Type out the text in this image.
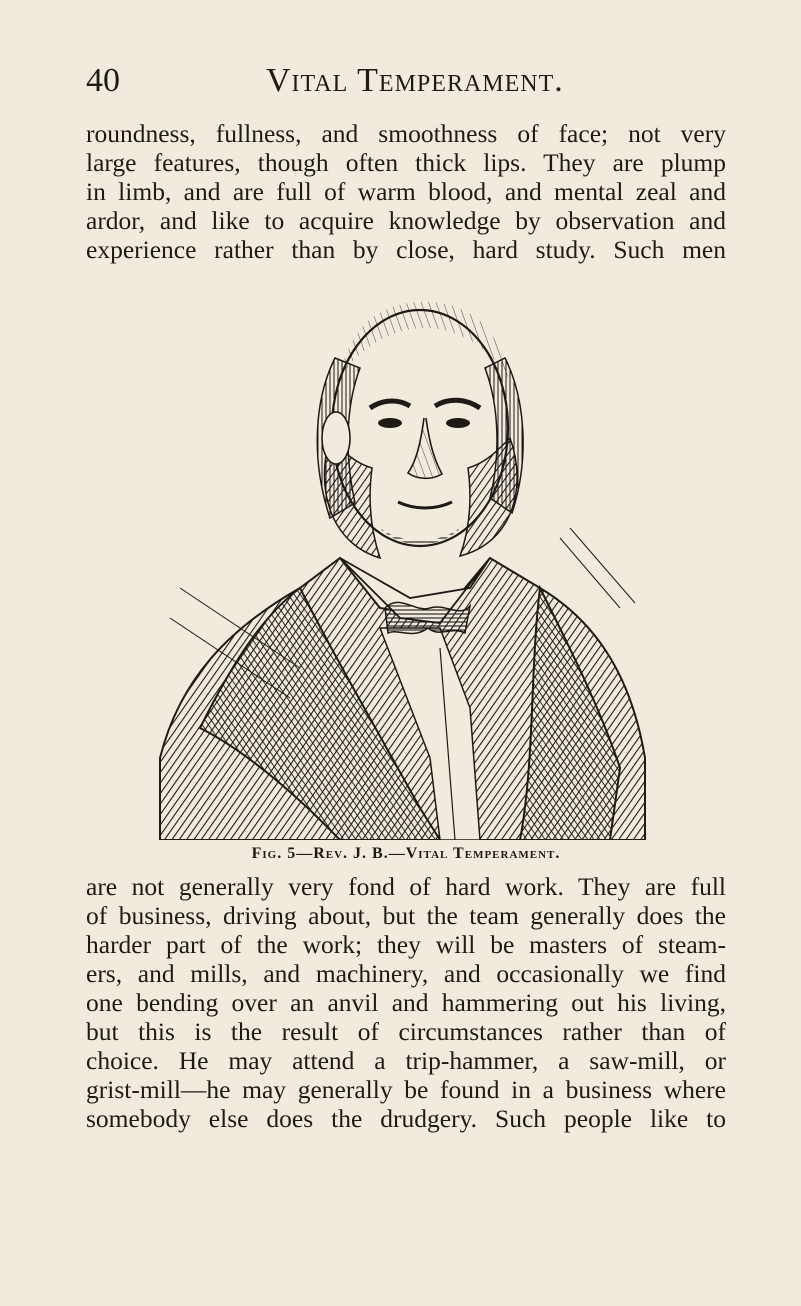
40	Vital Temperament.
roundness, fullness, and smoothness of face; not very
large features, though often thick lips. They are plump
in limb, and are full of warm blood, and mental zeal and
ardor, and like to acquire knowledge by observation and
experience rather than by close, hard study. Such men
Fig. 5—Rev. J. B.—Vital Temperament.
are not generally very fond of hard work. They are full
of business, driving about, but the team generally does the
harder part of the work; they will be masters of steam-
ers, and mills, and machinery, and occasionally we find
one bending over an anvil and hammering out his living,
but this is the result of circumstances rather than of
choice. He may attend a trip-hammer, a saw-mill, or
grist-mill—he may generally be found in a business where
somebody else does the drudgery. Such people like to
